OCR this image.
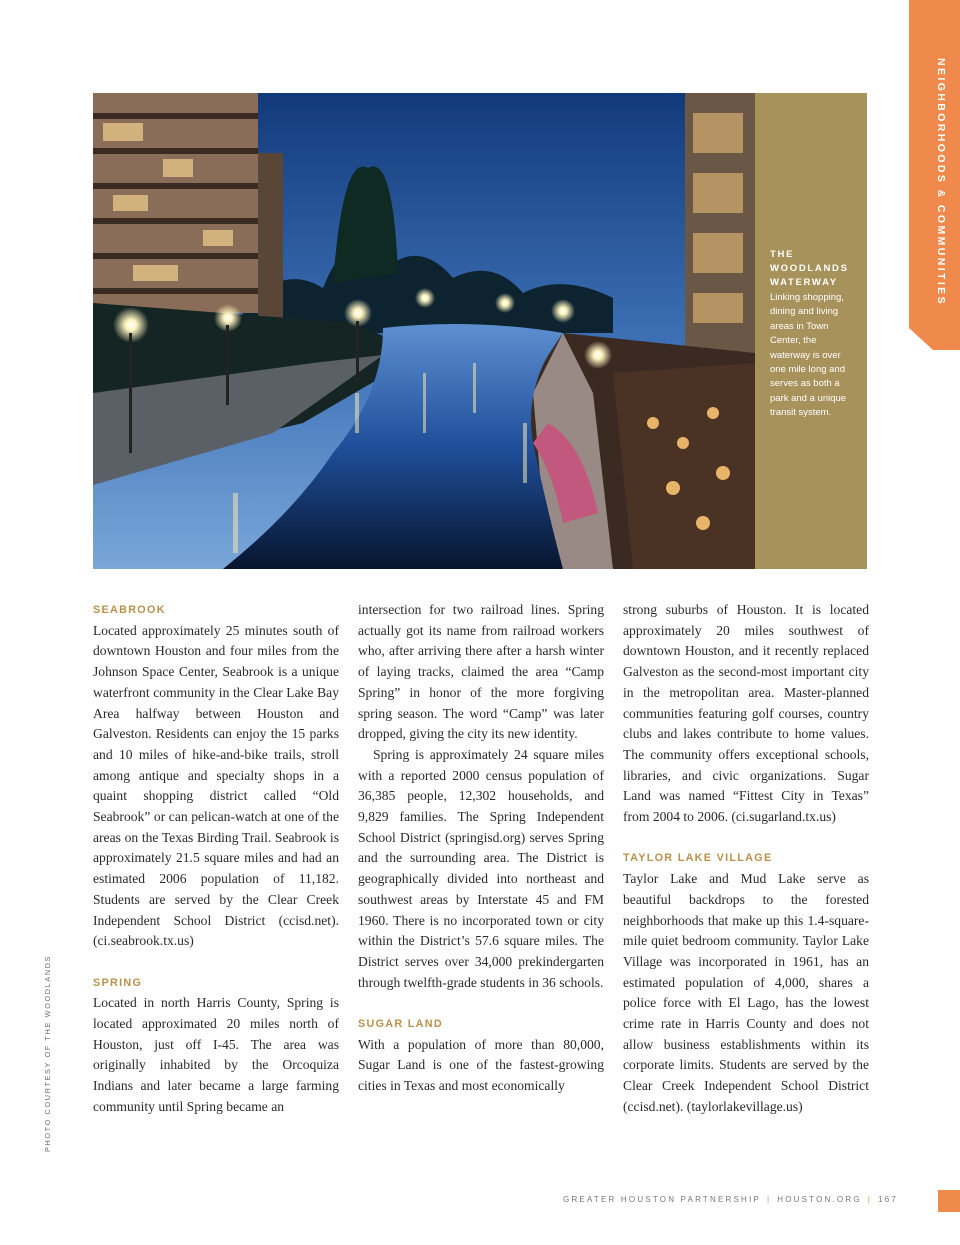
NEIGHBORHOODS & COMMUNITIES
THE
WOODLANDS
WATERWAY
Linking shopping, dining and living areas in Town Center, the waterway is over one mile long and serves as both a park and a unique transit system.

SEABROOK

Located approximately 25 minutes south of downtown Houston and four miles from the Johnson Space Center, Seabrook is a unique waterfront community in the Clear Lake Bay Area halfway between Houston and Galveston. Residents can enjoy the 15 parks and 10 miles of hike-and-bike trails, stroll among antique and specialty shops in a quaint shopping district called “Old Seabrook” or can pelican-watch at one of the areas on the Texas Birding Trail. Seabrook is approximately 21.5 square miles and had an estimated 2006 population of 11,182. Students are served by the Clear Creek Independent School District (ccisd.net). (ci.seabrook.tx.us)

SPRING

Located in north Harris County, Spring is located approximated 20 miles north of Houston, just off I-45. The area was originally inhabited by the Orcoquiza Indians and later became a large farming community until Spring became an

intersection for two railroad lines. Spring actually got its name from railroad workers who, after arriving there after a harsh winter of laying tracks, claimed the area “Camp Spring” in honor of the more forgiving spring season. The word “Camp” was later dropped, giving the city its new identity.

Spring is approximately 24 square miles with a reported 2000 census population of 36,385 people, 12,302 households, and 9,829 families. The Spring Independent School District (springisd.org) serves Spring and the surrounding area. The District is geographically divided into northeast and southwest areas by Interstate 45 and FM 1960. There is no incorporated town or city within the District’s 57.6 square miles. The District serves over 34,000 prekindergarten through twelfth-grade students in 36 schools.

SUGAR LAND

With a population of more than 80,000, Sugar Land is one of the fastest-growing cities in Texas and most economically

strong suburbs of Houston. It is located approximately 20 miles southwest of downtown Houston, and it recently replaced Galveston as the second-most important city in the metropolitan area. Master-planned communities featuring golf courses, country clubs and lakes contribute to home values. The community offers exceptional schools, libraries, and civic organizations. Sugar Land was named “Fittest City in Texas” from 2004 to 2006. (ci.sugarland.tx.us)

TAYLOR LAKE VILLAGE

Taylor Lake and Mud Lake serve as beautiful backdrops to the forested neighborhoods that make up this 1.4-square-mile quiet bedroom community. Taylor Lake Village was incorporated in 1961, has an estimated population of 4,000, shares a police force with El Lago, has the lowest crime rate in Harris County and does not allow business establishments within its corporate limits. Students are served by the Clear Creek Independent School District (ccisd.net). (taylorlakevillage.us)

PHOTO COURTESY OF THE WOODLANDS
GREATER HOUSTON PARTNERSHIP | HOUSTON.ORG | 167
